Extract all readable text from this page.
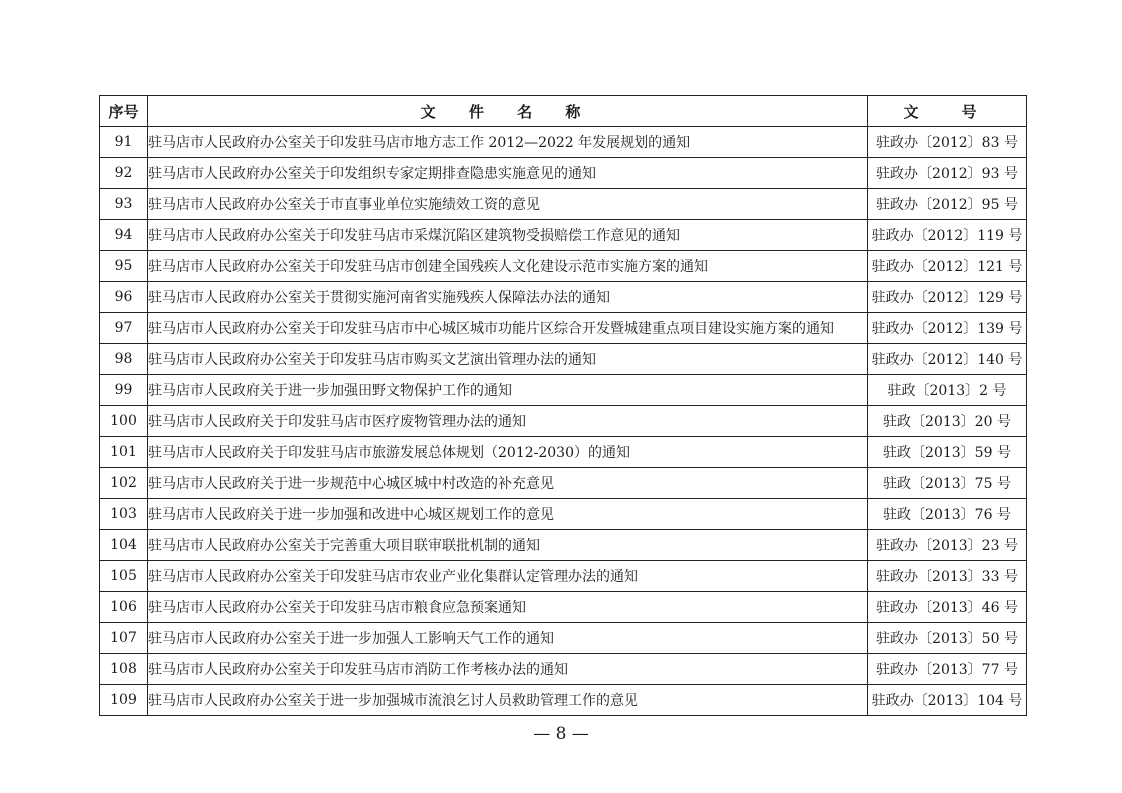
序号	文 件 名 称	文　号
91	驻马店市人民政府办公室关于印发驻马店市地方志工作 2012—2022 年发展规划的通知	驻政办〔2012〕83 号
92	驻马店市人民政府办公室关于印发组织专家定期排查隐患实施意见的通知	驻政办〔2012〕93 号
93	驻马店市人民政府办公室关于市直事业单位实施绩效工资的意见	驻政办〔2012〕95 号
94	驻马店市人民政府办公室关于印发驻马店市采煤沉陷区建筑物受损赔偿工作意见的通知	驻政办〔2012〕119 号
95	驻马店市人民政府办公室关于印发驻马店市创建全国残疾人文化建设示范市实施方案的通知	驻政办〔2012〕121 号
96	驻马店市人民政府办公室关于贯彻实施河南省实施残疾人保障法办法的通知	驻政办〔2012〕129 号
97	驻马店市人民政府办公室关于印发驻马店市中心城区城市功能片区综合开发暨城建重点项目建设实施方案的通知	驻政办〔2012〕139 号
98	驻马店市人民政府办公室关于印发驻马店市购买文艺演出管理办法的通知	驻政办〔2012〕140 号
99	驻马店市人民政府关于进一步加强田野文物保护工作的通知	驻政〔2013〕2 号
100	驻马店市人民政府关于印发驻马店市医疗废物管理办法的通知	驻政〔2013〕20 号
101	驻马店市人民政府关于印发驻马店市旅游发展总体规划（2012-2030）的通知	驻政〔2013〕59 号
102	驻马店市人民政府关于进一步规范中心城区城中村改造的补充意见	驻政〔2013〕75 号
103	驻马店市人民政府关于进一步加强和改进中心城区规划工作的意见	驻政〔2013〕76 号
104	驻马店市人民政府办公室关于完善重大项目联审联批机制的通知	驻政办〔2013〕23 号
105	驻马店市人民政府办公室关于印发驻马店市农业产业化集群认定管理办法的通知	驻政办〔2013〕33 号
106	驻马店市人民政府办公室关于印发驻马店市粮食应急预案通知	驻政办〔2013〕46 号
107	驻马店市人民政府办公室关于进一步加强人工影响天气工作的通知	驻政办〔2013〕50 号
108	驻马店市人民政府办公室关于印发驻马店市消防工作考核办法的通知	驻政办〔2013〕77 号
109	驻马店市人民政府办公室关于进一步加强城市流浪乞讨人员救助管理工作的意见	驻政办〔2013〕104 号
— 8 —
